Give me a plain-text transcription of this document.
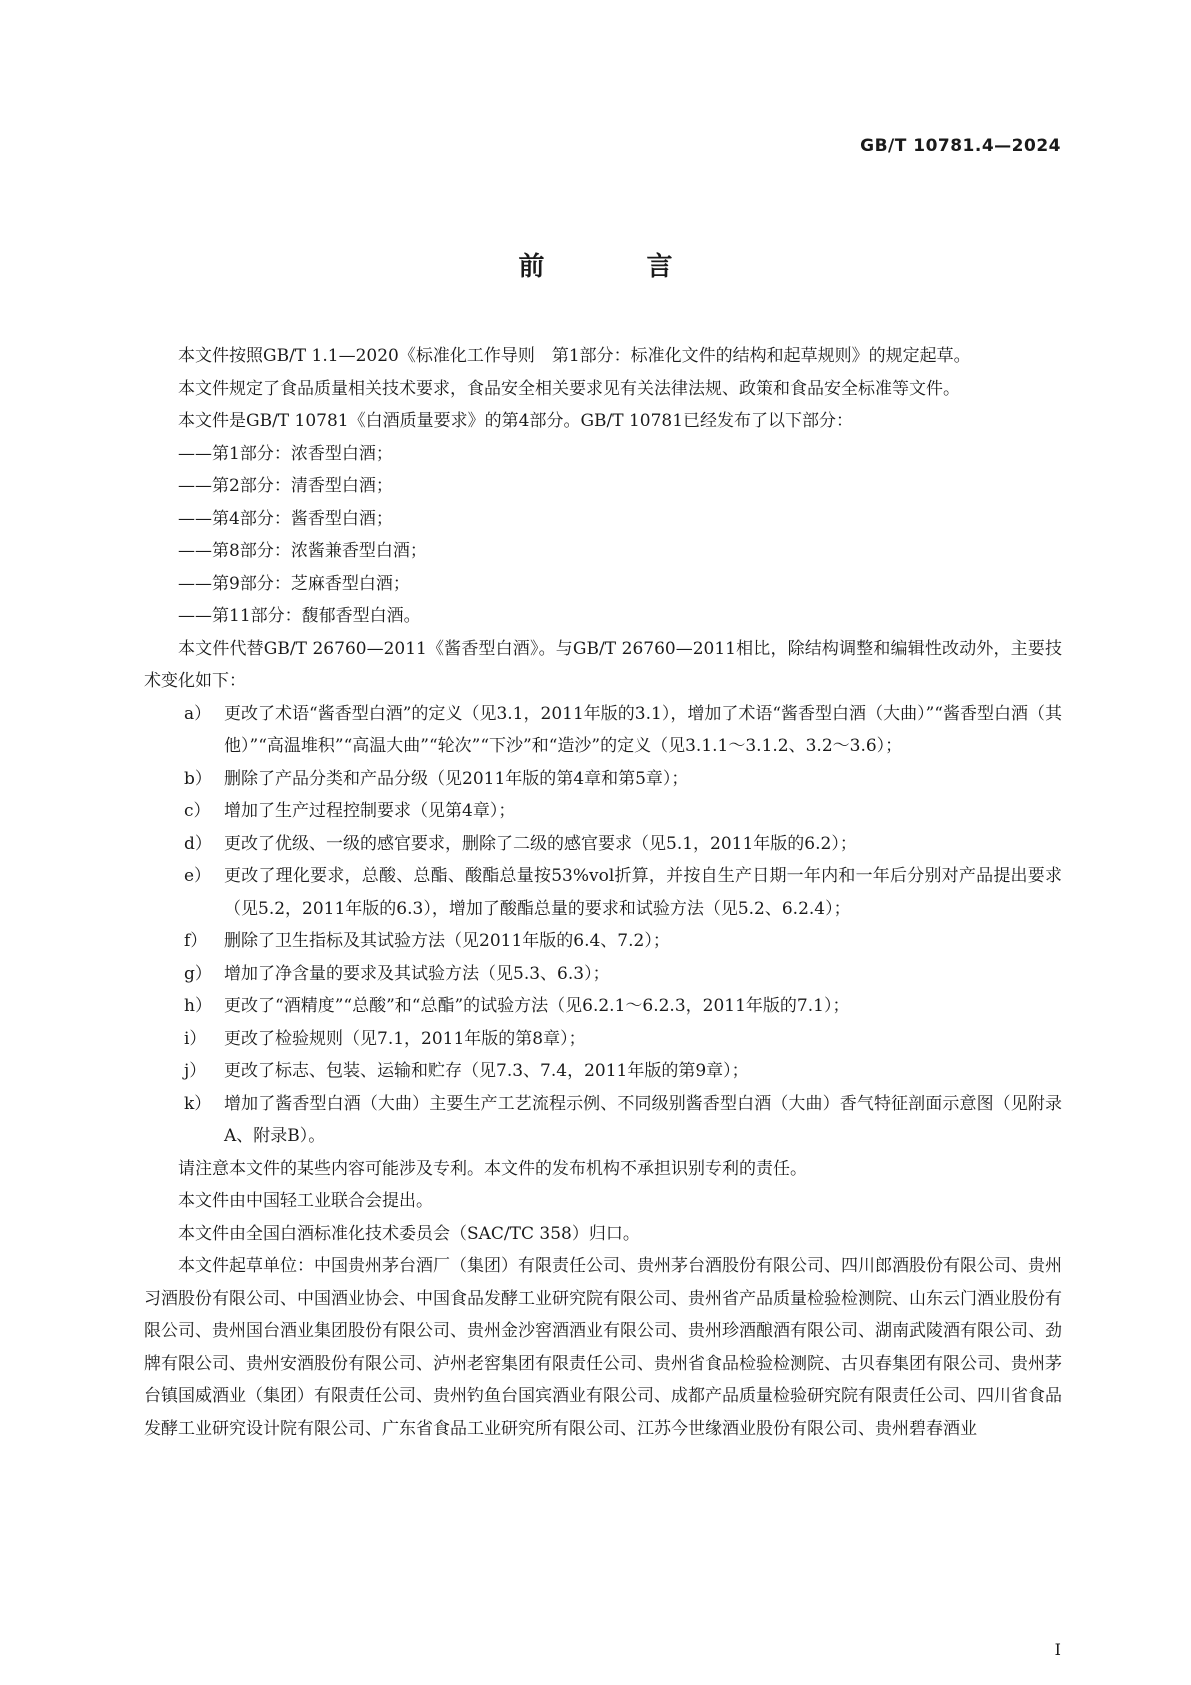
GB/T 10781.4—2024
前　言

本文件按照GB/T 1.1—2020《标准化工作导则　第1部分：标准化文件的结构和起草规则》的规定起草。

本文件规定了食品质量相关技术要求，食品安全相关要求见有关法律法规、政策和食品安全标准等文件。

本文件是GB/T 10781《白酒质量要求》的第4部分。GB/T 10781已经发布了以下部分：

——第1部分：浓香型白酒；

——第2部分：清香型白酒；

——第4部分：酱香型白酒；

——第8部分：浓酱兼香型白酒；

——第9部分：芝麻香型白酒；

——第11部分：馥郁香型白酒。

本文件代替GB/T 26760—2011《酱香型白酒》。与GB/T 26760—2011相比，除结构调整和编辑性改动外，主要技术变化如下：

a） 更改了术语“酱香型白酒”的定义（见3.1，2011年版的3.1），增加了术语“酱香型白酒（大曲）”“酱香型白酒（其他）”“高温堆积”“高温大曲”“轮次”“下沙”和“造沙”的定义（见3.1.1～3.1.2、3.2～3.6）；
b） 删除了产品分类和产品分级（见2011年版的第4章和第5章）；
c） 增加了生产过程控制要求（见第4章）；
d） 更改了优级、一级的感官要求，删除了二级的感官要求（见5.1，2011年版的6.2）；
e） 更改了理化要求，总酸、总酯、酸酯总量按53%vol折算，并按自生产日期一年内和一年后分别对产品提出要求（见5.2，2011年版的6.3），增加了酸酯总量的要求和试验方法（见5.2、6.2.4）；
f） 删除了卫生指标及其试验方法（见2011年版的6.4、7.2）；
g） 增加了净含量的要求及其试验方法（见5.3、6.3）；
h） 更改了“酒精度”“总酸”和“总酯”的试验方法（见6.2.1～6.2.3，2011年版的7.1）；
i）	更改了检验规则（见7.1，2011年版的第8章）；
j）	更改了标志、包装、运输和贮存（见7.3、7.4，2011年版的第9章）；
k） 增加了酱香型白酒（大曲）主要生产工艺流程示例、不同级别酱香型白酒（大曲）香气特征剖面示意图（见附录A、附录B）。

请注意本文件的某些内容可能涉及专利。本文件的发布机构不承担识别专利的责任。

本文件由中国轻工业联合会提出。

本文件由全国白酒标准化技术委员会（SAC/TC 358）归口。

本文件起草单位：中国贵州茅台酒厂（集团）有限责任公司、贵州茅台酒股份有限公司、四川郎酒股份有限公司、贵州习酒股份有限公司、中国酒业协会、中国食品发酵工业研究院有限公司、贵州省产品质量检验检测院、山东云门酒业股份有限公司、贵州国台酒业集团股份有限公司、贵州金沙窖酒酒业有限公司、贵州珍酒酿酒有限公司、湖南武陵酒有限公司、劲牌有限公司、贵州安酒股份有限公司、泸州老窖集团有限责任公司、贵州省食品检验检测院、古贝春集团有限公司、贵州茅台镇国威酒业（集团）有限责任公司、贵州钓鱼台国宾酒业有限公司、成都产品质量检验研究院有限责任公司、四川省食品发酵工业研究设计院有限公司、广东省食品工业研究所有限公司、江苏今世缘酒业股份有限公司、贵州碧春酒业

I
